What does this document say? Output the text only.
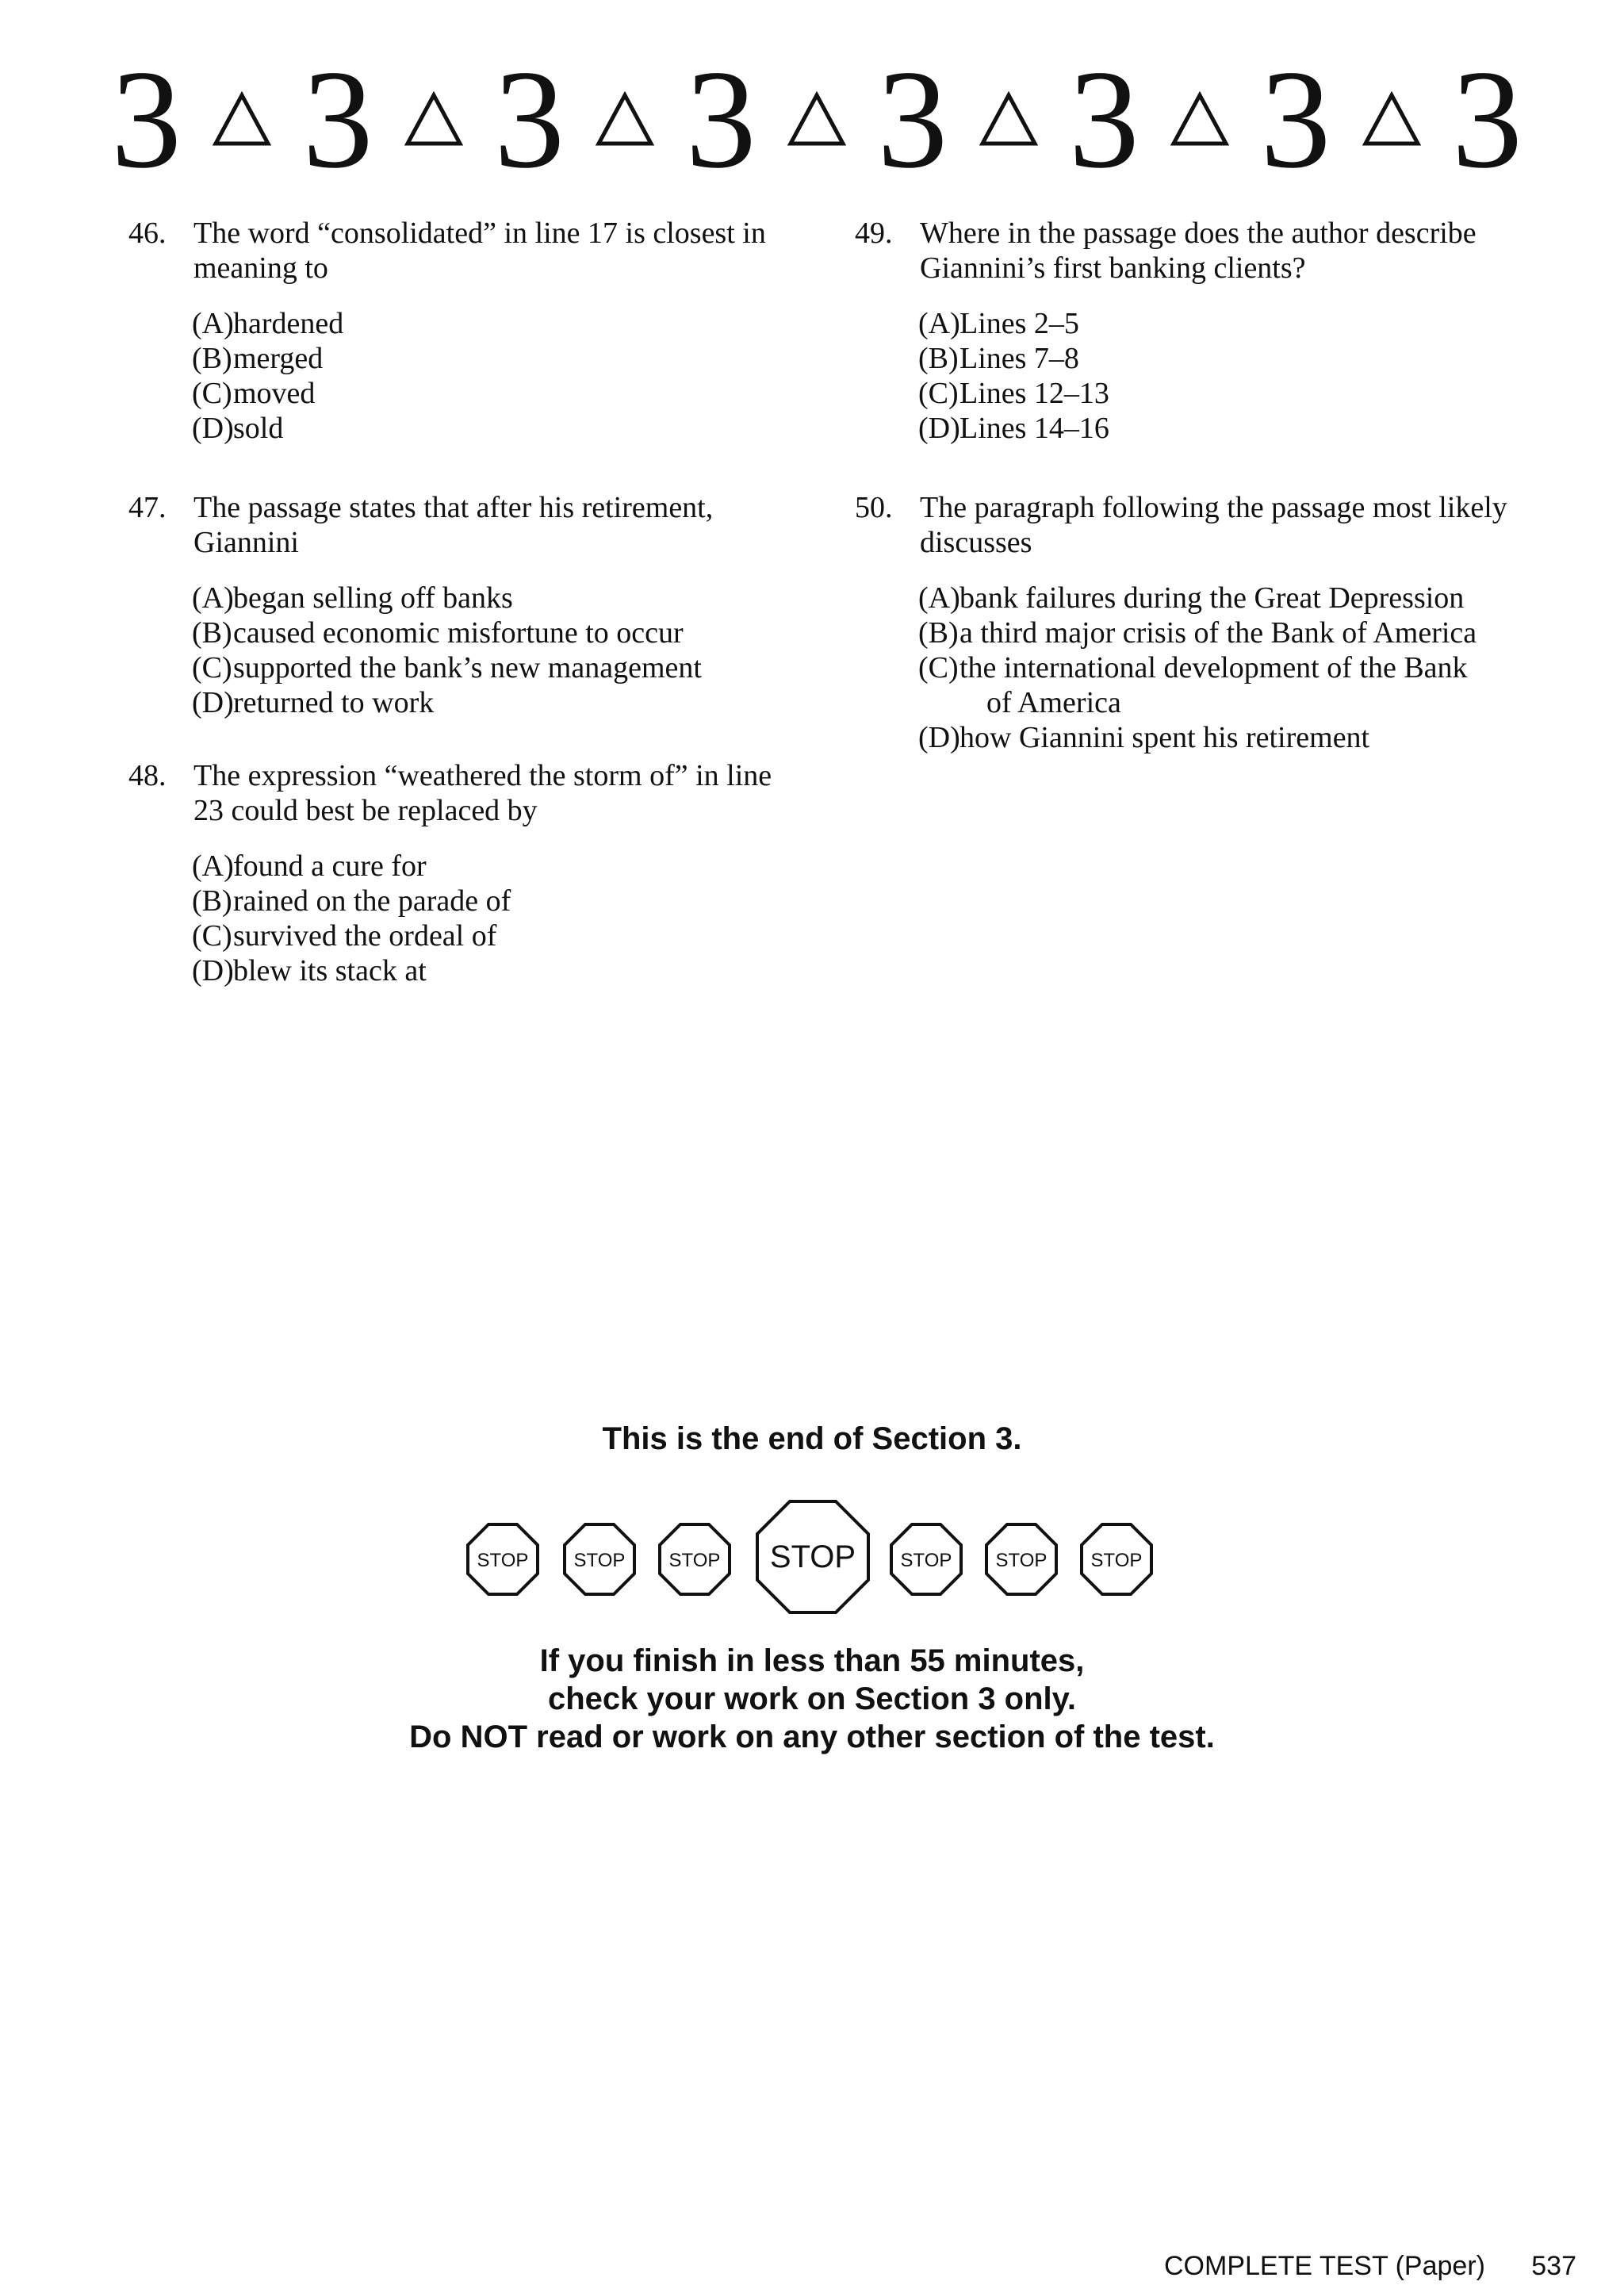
3 3 3 3 3 3 3 3
46. The word “consolidated” in line 17 is closest in meaning to
(A) hardened
(B) merged
(C) moved
(D) sold
47. The passage states that after his retirement, Giannini
(A) began selling off banks
(B) caused economic misfortune to occur
(C) supported the bank’s new management
(D) returned to work
48. The expression “weathered the storm of” in line 23 could best be replaced by
(A) found a cure for
(B) rained on the parade of
(C) survived the ordeal of
(D) blew its stack at
49. Where in the passage does the author describe Giannini’s first banking clients?
(A) Lines 2–5
(B) Lines 7–8
(C) Lines 12–13
(D) Lines 14–16
50. The paragraph following the passage most likely discusses
(A) bank failures during the Great Depression
(B) a third major crisis of the Bank of America
(C) the international development of the Bank of America
(D) how Giannini spent his retirement
This is the end of Section 3.
STOP STOP STOP STOP STOP STOP STOP
If you finish in less than 55 minutes,
check your work on Section 3 only.
Do NOT read or work on any other section of the test.
COMPLETE TEST (Paper) 537
